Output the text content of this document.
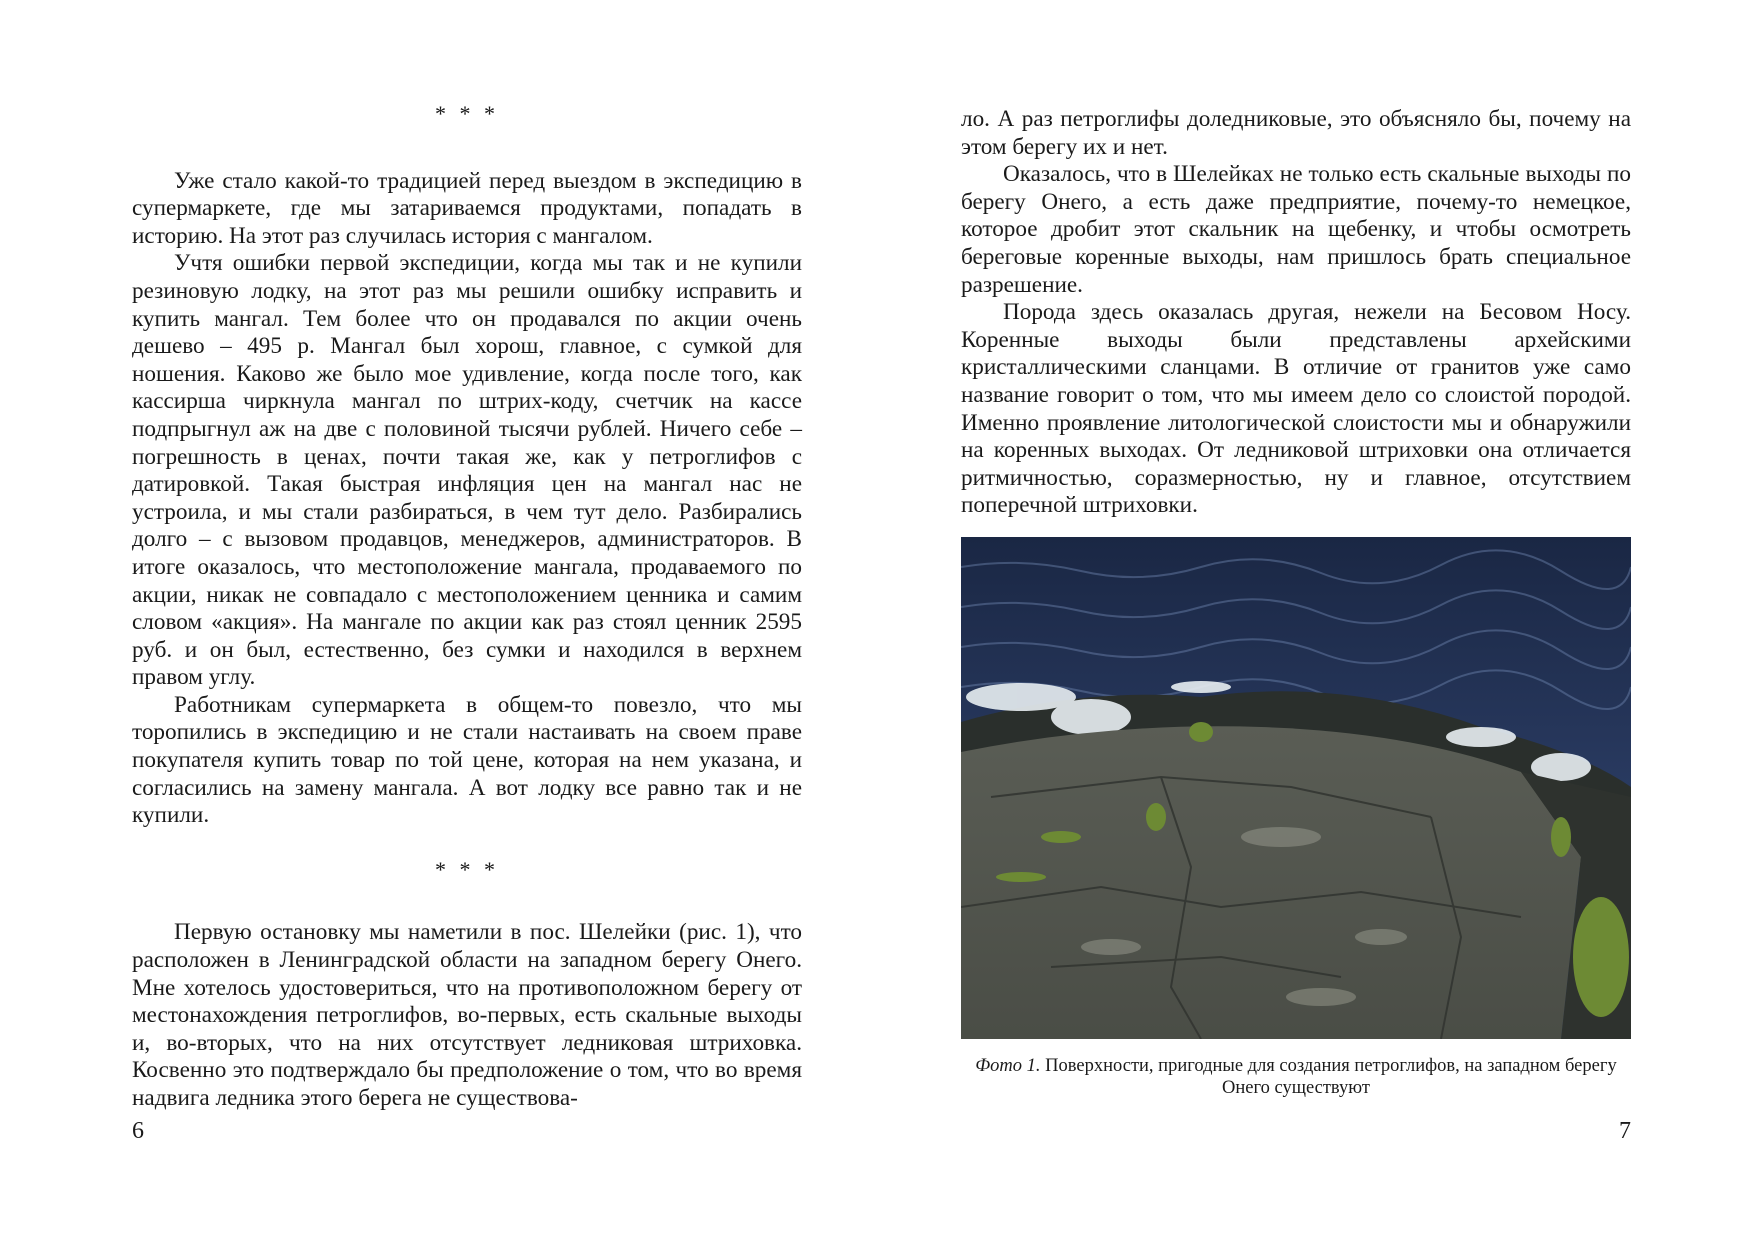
* * *

Уже стало какой-то традицией перед выездом в экспедицию в супермаркете, где мы затариваемся продуктами, попадать в историю. На этот раз случилась история с мангалом.

Учтя ошибки первой экспедиции, когда мы так и не купили резиновую лодку, на этот раз мы решили ошибку исправить и купить мангал. Тем более что он продавался по акции очень дешево – 495 р. Мангал был хорош, главное, с сумкой для ношения. Каково же было мое удивление, когда после того, как кассирша чиркнула мангал по штрих-коду, счетчик на кассе подпрыгнул аж на две с половиной тысячи рублей. Ничего себе – погрешность в ценах, почти такая же, как у петроглифов с датировкой. Такая быстрая инфляция цен на мангал нас не устроила, и мы стали разбираться, в чем тут дело. Разбирались долго – с вызовом продавцов, менеджеров, администраторов. В итоге оказалось, что местоположение мангала, продаваемого по акции, никак не совпадало с местоположением ценника и самим словом «акция». На мангале по акции как раз стоял ценник 2595 руб. и он был, естественно, без сумки и находился в верхнем правом углу.

Работникам супермаркета в общем-то повезло, что мы торопились в экспедицию и не стали настаивать на своем праве покупателя купить товар по той цене, которая на нем указана, и согласились на замену мангала. А вот лодку все равно так и не купили.

* * *

Первую остановку мы наметили в пос. Шелейки (рис. 1), что расположен в Ленинградской области на западном берегу Онего. Мне хотелось удостовериться, что на противоположном берегу от местонахождения петроглифов, во-первых, есть скальные выходы и, во-вторых, что на них отсутствует ледниковая штриховка. Косвенно это подтверждало бы предположение о том, что во время надвига ледника этого берега не существова-

6

ло. А раз петроглифы доледниковые, это объясняло бы, почему на этом берегу их и нет.

Оказалось, что в Шелейках не только есть скальные выходы по берегу Онего, а есть даже предприятие, почему-то немецкое, которое дробит этот скальник на щебенку, и чтобы осмотреть береговые коренные выходы, нам пришлось брать специальное разрешение.

Порода здесь оказалась другая, нежели на Бесовом Носу. Коренные выходы были представлены архейскими кристаллическими сланцами. В отличие от гранитов уже само название говорит о том, что мы имеем дело со слоистой породой. Именно проявление литологической слоистости мы и обнаружили на коренных выходах. От ледниковой штриховки она отличается ритмичностью, соразмерностью, ну и главное, отсутствием поперечной штриховки.

Фото 1. Поверхности, пригодные для создания петроглифов, на западном берегу Онего существуют
7
